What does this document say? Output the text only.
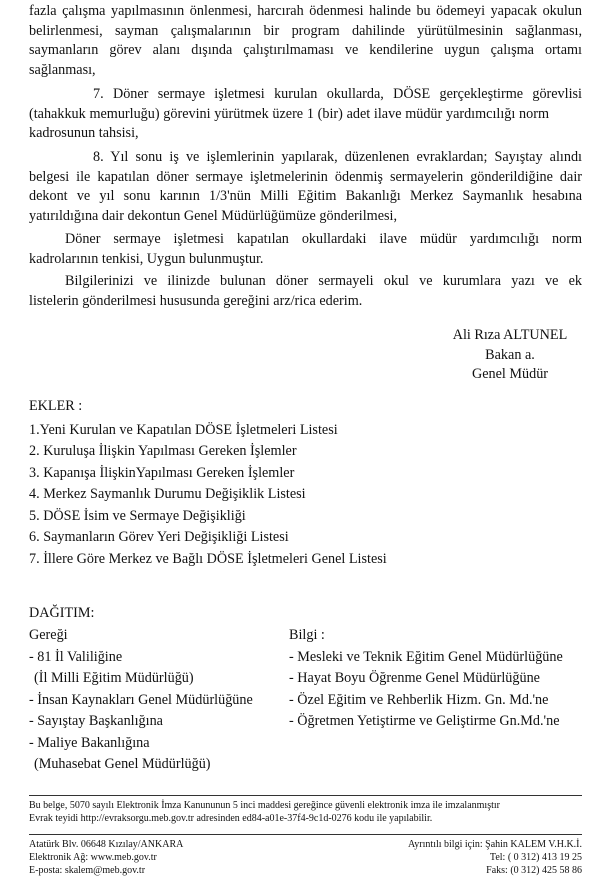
fazla çalışma yapılmasının önlenmesi, harcırah ödenmesi halinde bu ödemeyi yapacak okulun
belirlenmesi, sayman çalışmalarının bir program dahilinde yürütülmesinin sağlanması,
saymanların görev alanı dışında çalıştırılmaması ve kendilerine uygun çalışma ortamı
sağlanması,
7. Döner sermaye işletmesi kurulan okullarda, DÖSE gerçekleştirme görevlisi
(tahakkuk memurluğu) görevini yürütmek üzere 1 (bir) adet ilave müdür yardımcılığı norm
kadrosunun tahsisi,
8. Yıl sonu iş ve işlemlerinin yapılarak, düzenlenen evraklardan; Sayıştay alındı
belgesi ile kapatılan döner sermaye işletmelerinin ödenmiş sermayelerin gönderildiğine dair
dekont ve yıl sonu karının 1/3'nün Milli Eğitim Bakanlığı Merkez Saymanlık hesabına
yatırıldığına dair dekontun Genel Müdürlüğümüze gönderilmesi,
Döner sermaye işletmesi kapatılan okullardaki ilave müdür yardımcılığı norm
kadrolarının tenkisi, Uygun bulunmuştur.
Bilgilerinizi ve ilinizde bulunan döner sermayeli okul ve kurumlara yazı ve ek
listelerin gönderilmesi hususunda gereğini arz/rica ederim.
Ali Rıza ALTUNEL
Bakan a.
Genel Müdür
EKLER :
1.Yeni Kurulan ve Kapatılan DÖSE İşletmeleri Listesi
2. Kuruluşa İlişkin Yapılması Gereken İşlemler
3. Kapanışa İlişkinYapılması Gereken İşlemler
4. Merkez Saymanlık Durumu Değişiklik Listesi
5. DÖSE İsim ve Sermaye Değişikliği
6. Saymanların Görev Yeri Değişikliği Listesi
7. İllere Göre Merkez ve Bağlı DÖSE İşletmeleri Genel Listesi
DAĞITIM:
Gereği
- 81 İl Valiliğine
(İl Milli Eğitim Müdürlüğü)
- İnsan Kaynakları Genel Müdürlüğüne
- Sayıştay Başkanlığına
- Maliye Bakanlığına
(Muhasebat Genel Müdürlüğü)
Bilgi :
- Mesleki ve Teknik Eğitim Genel Müdürlüğüne
- Hayat Boyu Öğrenme Genel Müdürlüğüne
- Özel Eğitim ve Rehberlik Hizm. Gn. Md.'ne
- Öğretmen Yetiştirme ve Geliştirme Gn.Md.'ne
Bu belge, 5070 sayılı Elektronik İmza Kanununun 5 inci maddesi gereğince güvenli elektronik imza ile imzalanmıştır
Evrak teyidi http://evraksorgu.meb.gov.tr adresinden ed84-a01e-37f4-9c1d-0276 kodu ile yapılabilir.
Atatürk Blv. 06648 Kızılay/ANKARA
Elektronik Ağ: www.meb.gov.tr
E-posta: skalem@meb.gov.tr
Ayrıntılı bilgi için: Şahin KALEM V.H.K.İ.
Tel: ( 0 312) 413 19 25
Faks: (0 312) 425 58 86
